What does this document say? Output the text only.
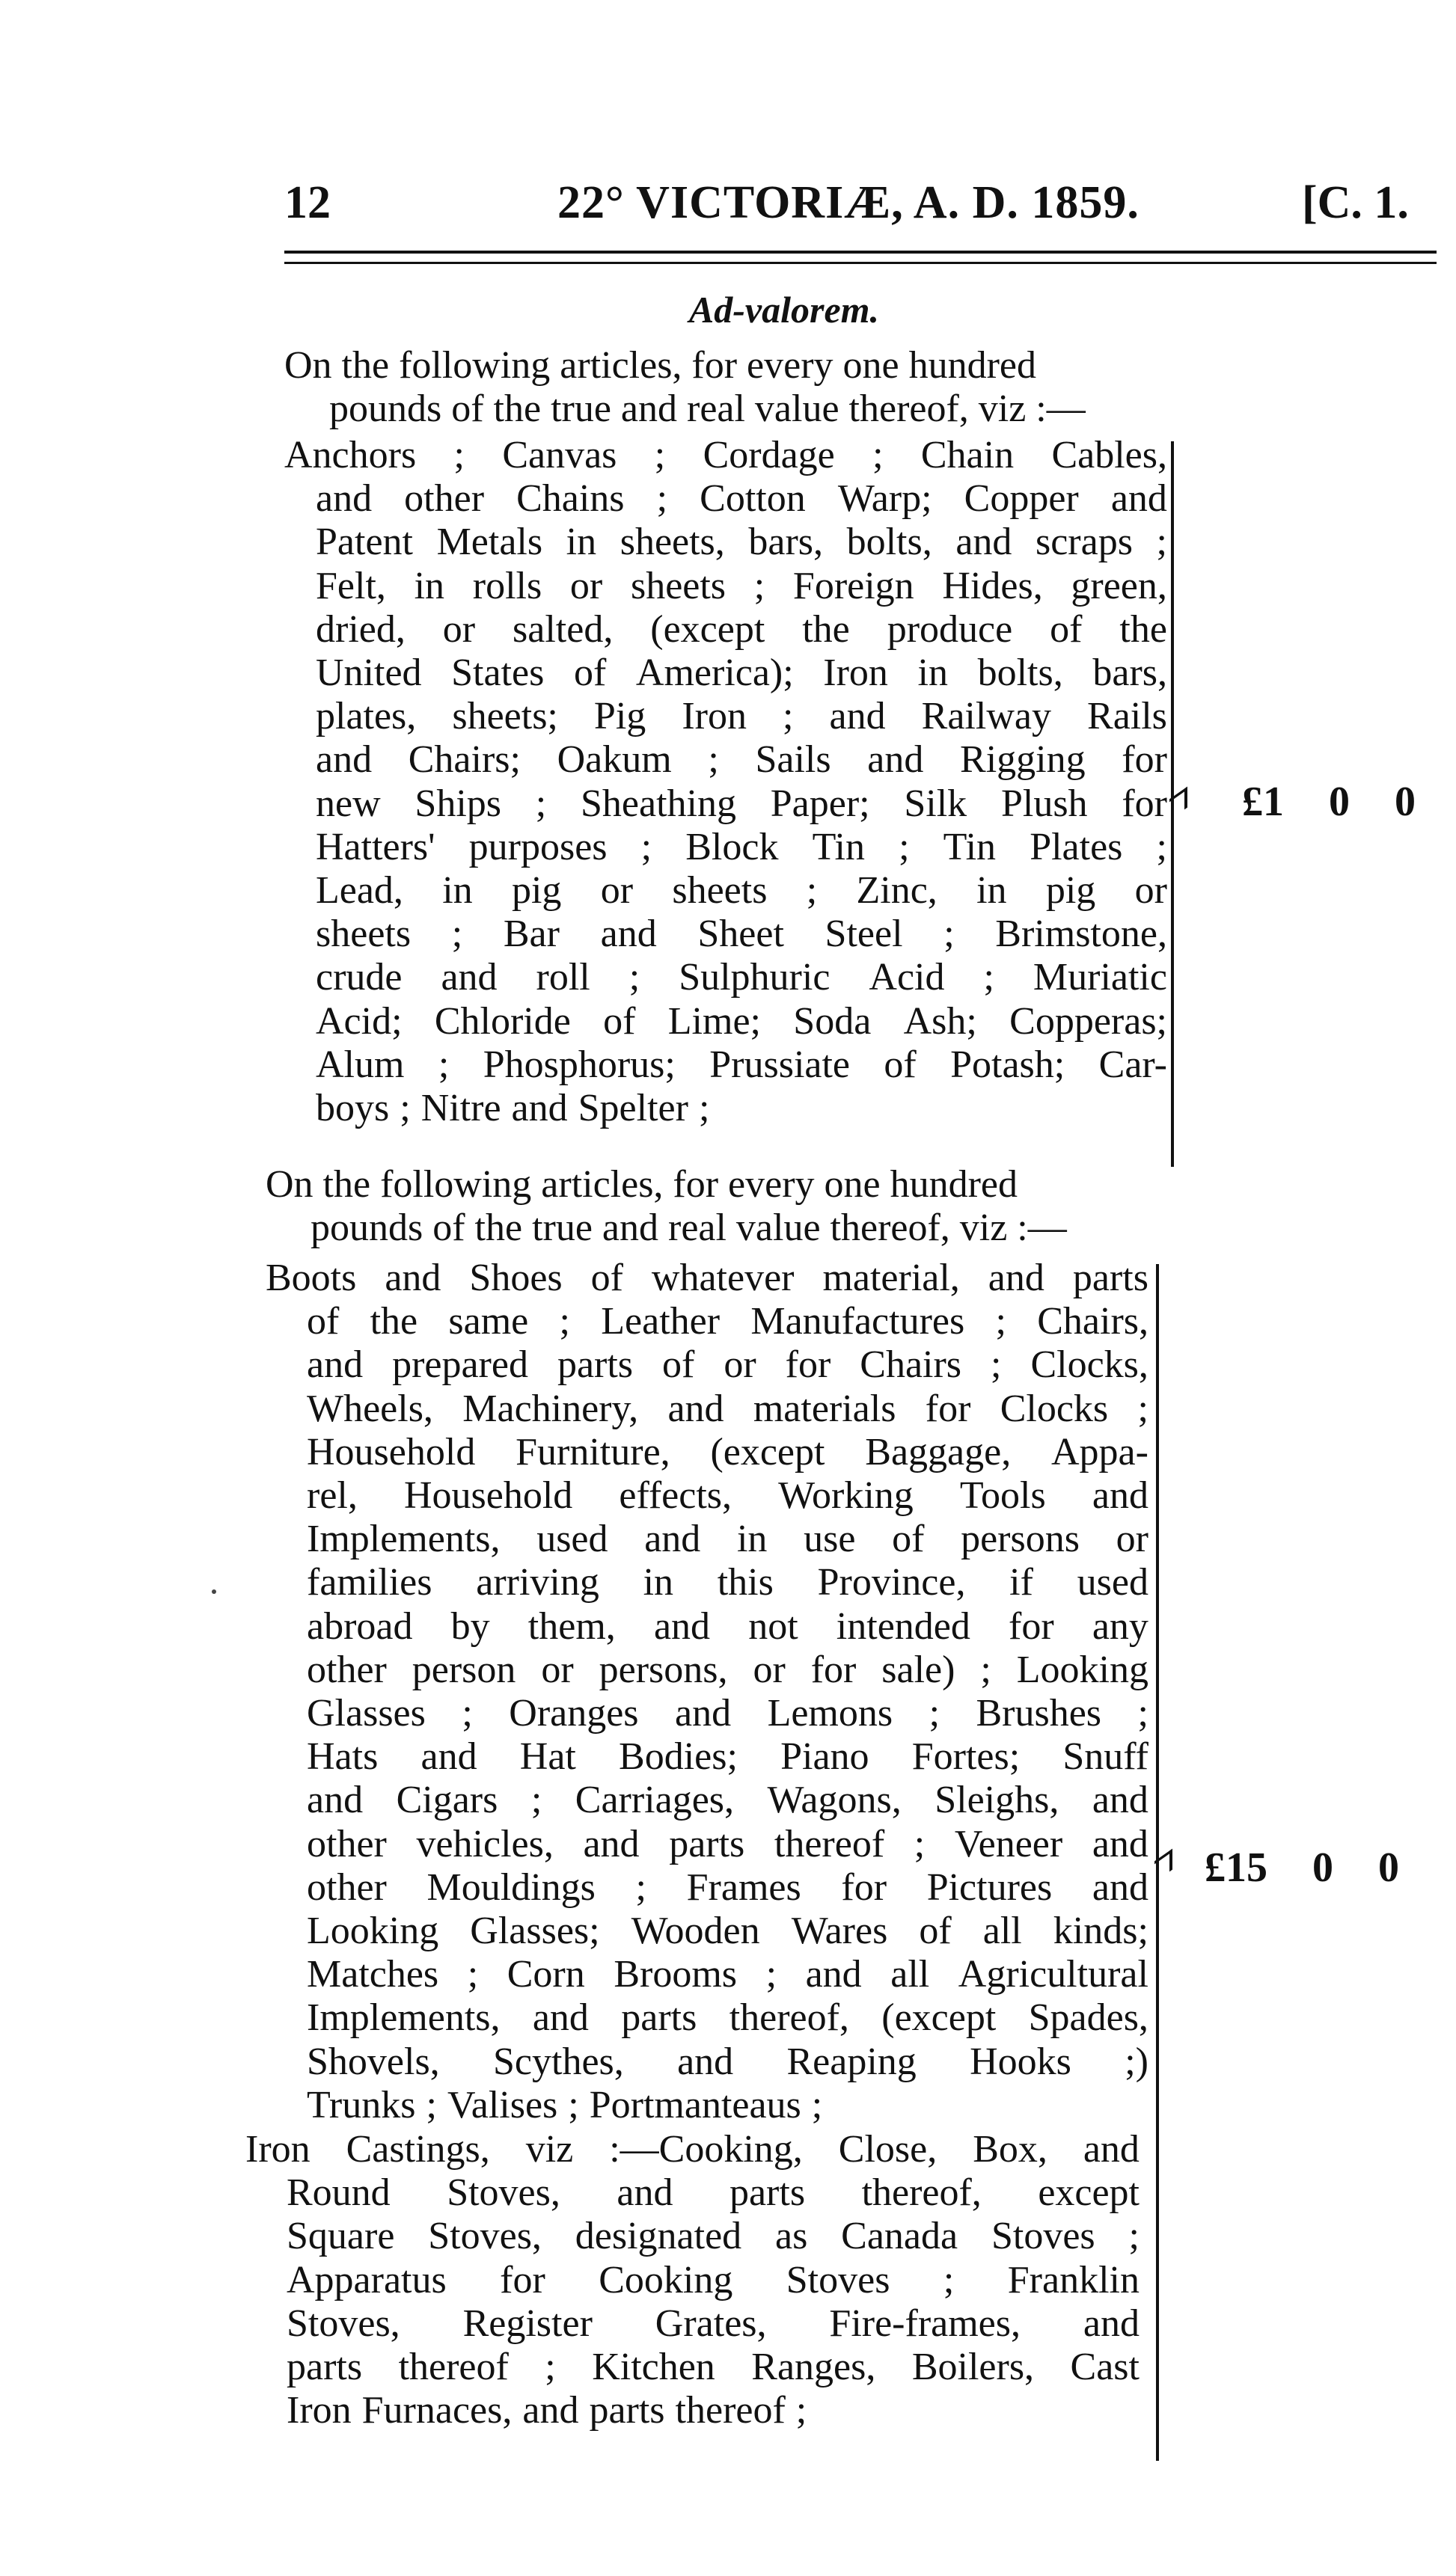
12	22° VICTORIÆ, A. D. 1859.	[C. 1.
Ad-valorem.
On the following articles, for every one hundred
pounds of the true and real value thereof, viz :—
Anchors ; Canvas ; Cordage ; Chain Cables,
and other Chains ; Cotton Warp; Copper and
Patent Metals in sheets, bars, bolts, and scraps ;
Felt, in rolls or sheets ; Foreign Hides, green,
dried, or salted, (except the produce of the
United States of America); Iron in bolts, bars,
plates, sheets; Pig Iron ; and Railway Rails
and Chairs; Oakum ; Sails and Rigging for
new Ships ; Sheathing Paper; Silk Plush for
Hatters' purposes ; Block Tin ; Tin Plates ;
Lead, in pig or sheets ; Zinc, in pig or
sheets ; Bar and Sheet Steel ; Brimstone,
crude and roll ; Sulphuric Acid ; Muriatic
Acid; Chloride of Lime; Soda Ash; Copperas;
Alum ; Phosphorus; Prussiate of Potash; Car-
boys ; Nitre and Spelter ;
£1 0 0
On the following articles, for every one hundred
pounds of the true and real value thereof, viz :—
Boots and Shoes of whatever material, and parts
of the same ; Leather Manufactures ; Chairs,
and prepared parts of or for Chairs ; Clocks,
Wheels, Machinery, and materials for Clocks ;
Household Furniture, (except Baggage, Appa-
rel, Household effects, Working Tools and
Implements, used and in use of persons or
families arriving in this Province, if used
abroad by them, and not intended for any
other person or persons, or for sale) ; Looking
Glasses ; Oranges and Lemons ; Brushes ;
Hats and Hat Bodies; Piano Fortes; Snuff
and Cigars ; Carriages, Wagons, Sleighs, and
other vehicles, and parts thereof ; Veneer and
other Mouldings ; Frames for Pictures and
Looking Glasses; Wooden Wares of all kinds;
Matches ; Corn Brooms ; and all Agricultural
Implements, and parts thereof, (except Spades,
Shovels, Scythes, and Reaping Hooks ;)
Trunks ; Valises ; Portmanteaus ;
Iron Castings, viz :—Cooking, Close, Box, and
Round Stoves, and parts thereof, except
Square Stoves, designated as Canada Stoves ;
Apparatus for Cooking Stoves ; Franklin
Stoves, Register Grates, Fire-frames, and
parts thereof ; Kitchen Ranges, Boilers, Cast
Iron Furnaces, and parts thereof ;
£15 0 0
